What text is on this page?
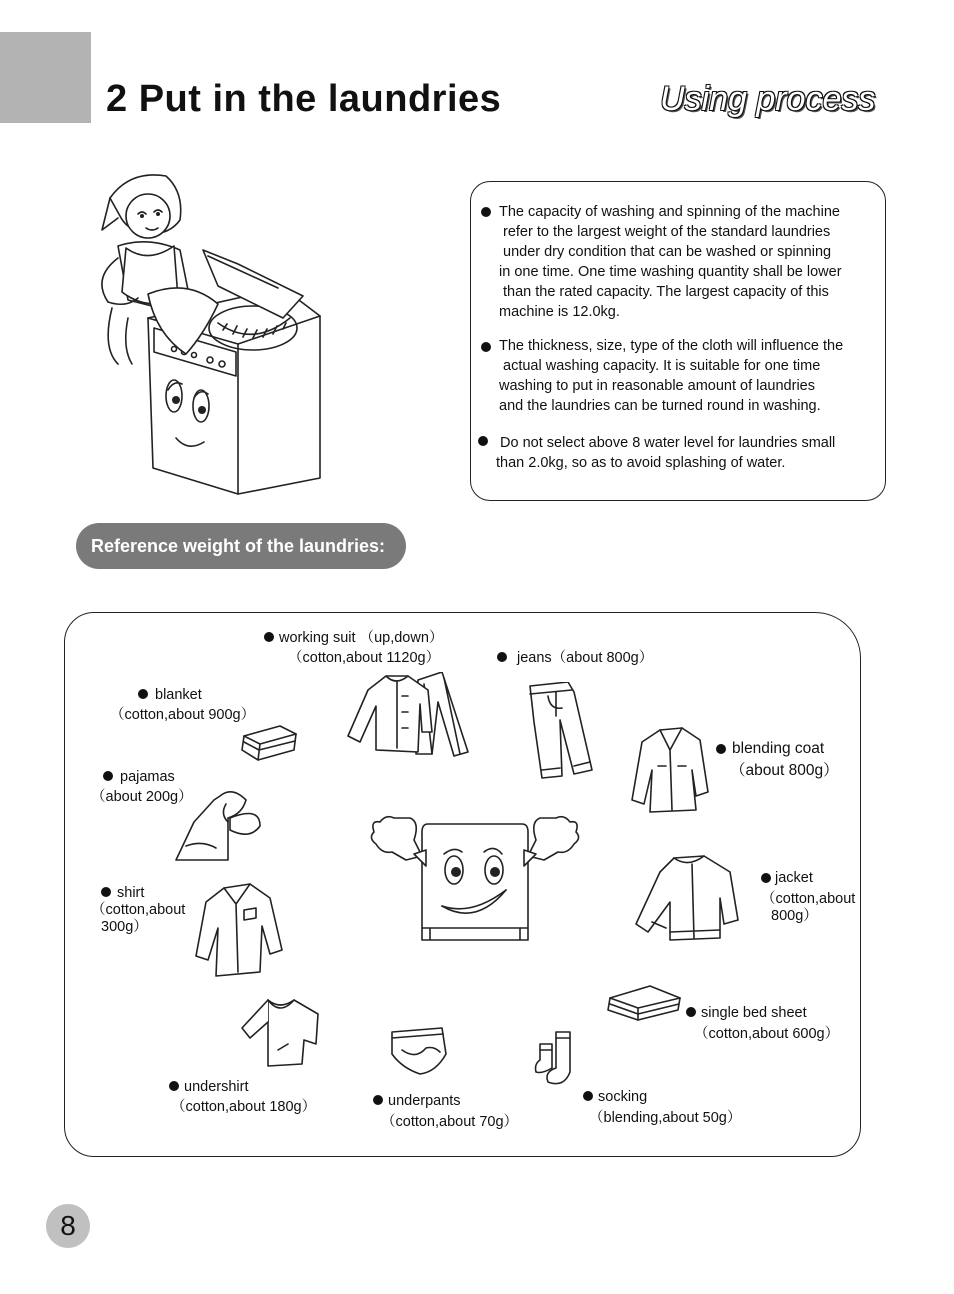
2 Put in the laundries	Using process
The capacity of washing and spinning of the machine
refer to the largest weight of the standard laundries
under dry condition that can be washed or spinning
in one time. One time washing quantity shall be lower
than the rated capacity. The largest capacity of this
machine is 12.0kg.
The thickness, size, type of the cloth will influence the
actual washing capacity. It is suitable for one time
washing to put in reasonable amount of laundries
and the laundries can be turned round in washing.
Do not select above 8 water level for laundries small
than 2.0kg, so as to avoid splashing of water.
Reference weight of the laundries:
working suit （up,down）
（cotton,about 1120g）	jeans（about 800g）
blanket
（cotton,about 900g）
pajamas
（about 200g）
blending coat
（about 800g）
shirt
（cotton,about
300g）
jacket
（cotton,about
800g）
single bed sheet
（cotton,about 600g）
undershirt
（cotton,about 180g）	underpants
（cotton,about 70g）
socking
（blending,about 50g）
8
